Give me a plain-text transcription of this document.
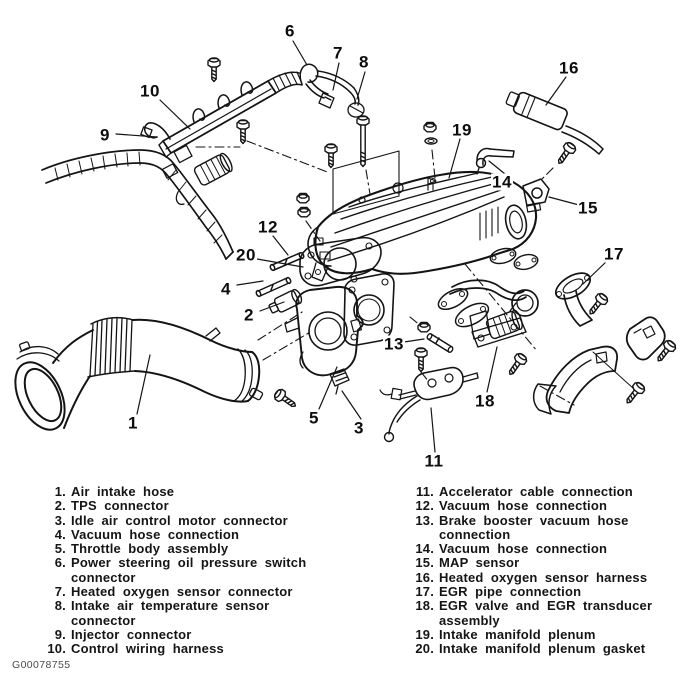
1
2
3
4
5
6
7 8
9
10
11
12
13
14
15
16
17
18
19
20
1. Air intake hose
2. TPS connector
3. Idle air control motor connector
4. Vacuum hose connection
5. Throttle body assembly
6. Power steering oil pressure switch
connector
7. Heated oxygen sensor connector
8. Intake air temperature sensor
connector
9. Injector connector
10. Control wiring harness
11. Accelerator cable connection
12. Vacuum hose connection
13. Brake booster vacuum hose
connection
14. Vacuum hose connection
15. MAP sensor
16. Heated oxygen sensor harness
17. EGR pipe connection
18. EGR valve and EGR transducer
assembly
19. Intake manifold plenum
20. Intake manifold plenum gasket
G00078755
